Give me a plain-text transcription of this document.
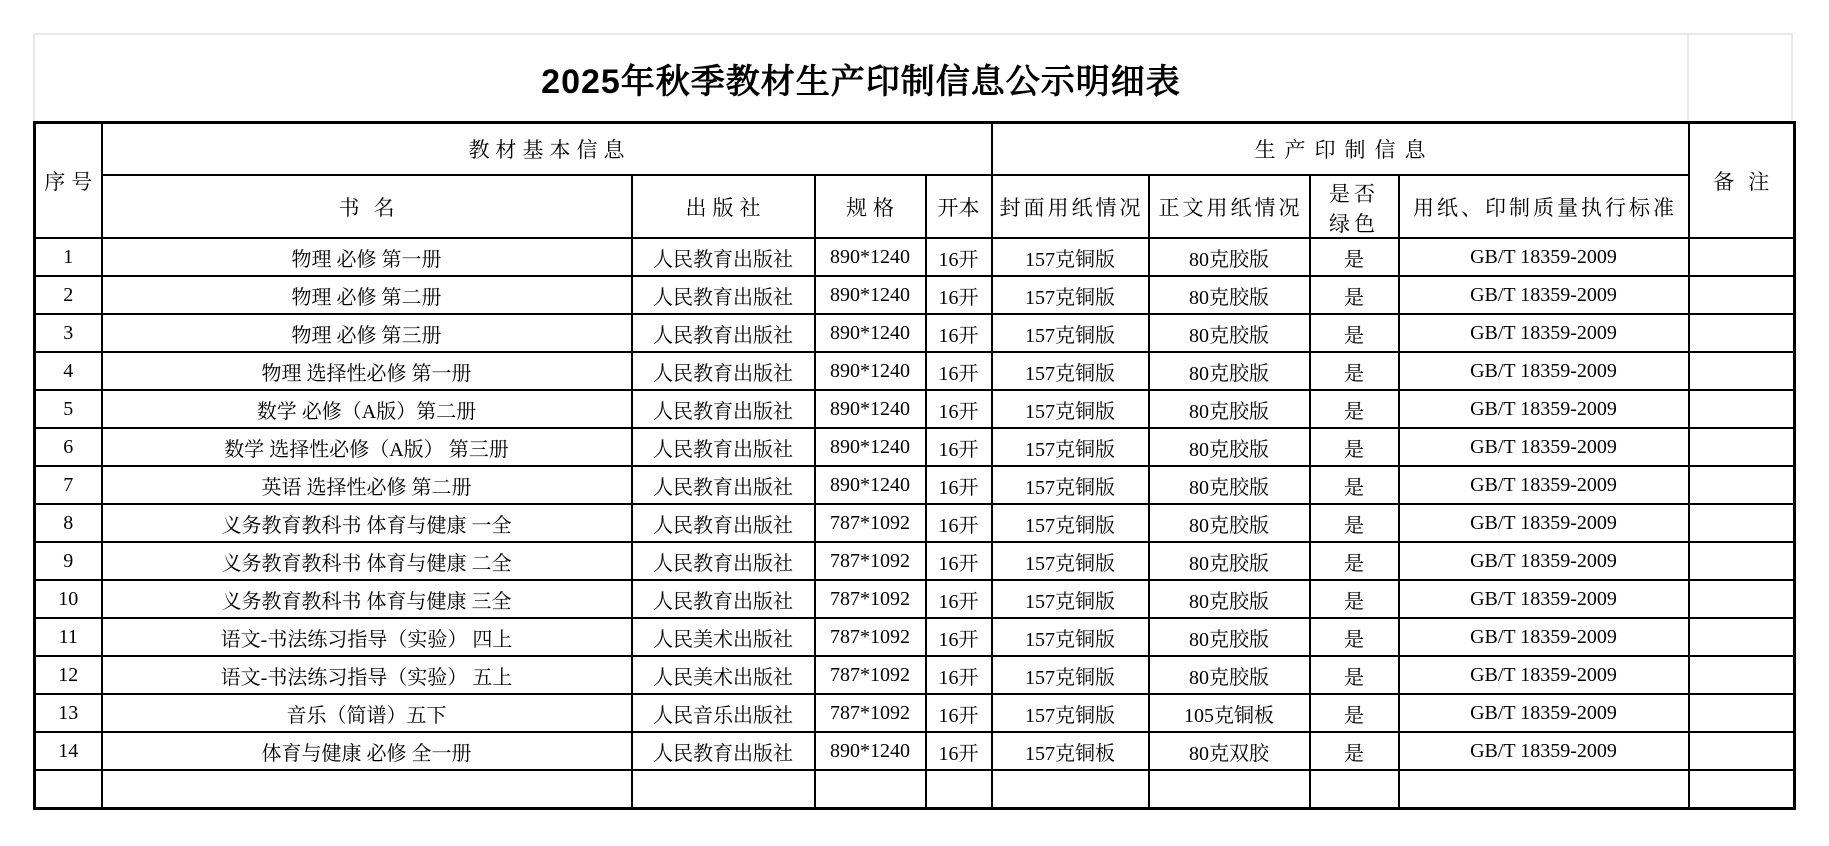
2025年秋季教材生产印制信息公示明细表
序号	教材基本信息				生产印制信息				备注
	书名	出版社	规格	开本	封面用纸情况	正文用纸情况	是否绿色	用纸、印制质量执行标准	
1	物理 必修 第一册	人民教育出版社	890*1240	16开	157克铜版	80克胶版	是	GB/T 18359-2009	
2	物理 必修 第二册	人民教育出版社	890*1240	16开	157克铜版	80克胶版	是	GB/T 18359-2009	
3	物理 必修 第三册	人民教育出版社	890*1240	16开	157克铜版	80克胶版	是	GB/T 18359-2009	
4	物理 选择性必修 第一册	人民教育出版社	890*1240	16开	157克铜版	80克胶版	是	GB/T 18359-2009	
5	数学 必修（A版）第二册	人民教育出版社	890*1240	16开	157克铜版	80克胶版	是	GB/T 18359-2009	
6	数学 选择性必修（A版） 第三册	人民教育出版社	890*1240	16开	157克铜版	80克胶版	是	GB/T 18359-2009	
7	英语 选择性必修 第二册	人民教育出版社	890*1240	16开	157克铜版	80克胶版	是	GB/T 18359-2009	
8	义务教育教科书 体育与健康 一全	人民教育出版社	787*1092	16开	157克铜版	80克胶版	是	GB/T 18359-2009	
9	义务教育教科书 体育与健康 二全	人民教育出版社	787*1092	16开	157克铜版	80克胶版	是	GB/T 18359-2009	
10	义务教育教科书 体育与健康 三全	人民教育出版社	787*1092	16开	157克铜版	80克胶版	是	GB/T 18359-2009	
11	语文-书法练习指导（实验） 四上	人民美术出版社	787*1092	16开	157克铜版	80克胶版	是	GB/T 18359-2009	
12	语文-书法练习指导（实验） 五上	人民美术出版社	787*1092	16开	157克铜版	80克胶版	是	GB/T 18359-2009	
13	音乐（简谱）五下	人民音乐出版社	787*1092	16开	157克铜版	105克铜板	是	GB/T 18359-2009	
14	体育与健康 必修 全一册	人民教育出版社	890*1240	16开	157克铜板	80克双胶	是	GB/T 18359-2009	
